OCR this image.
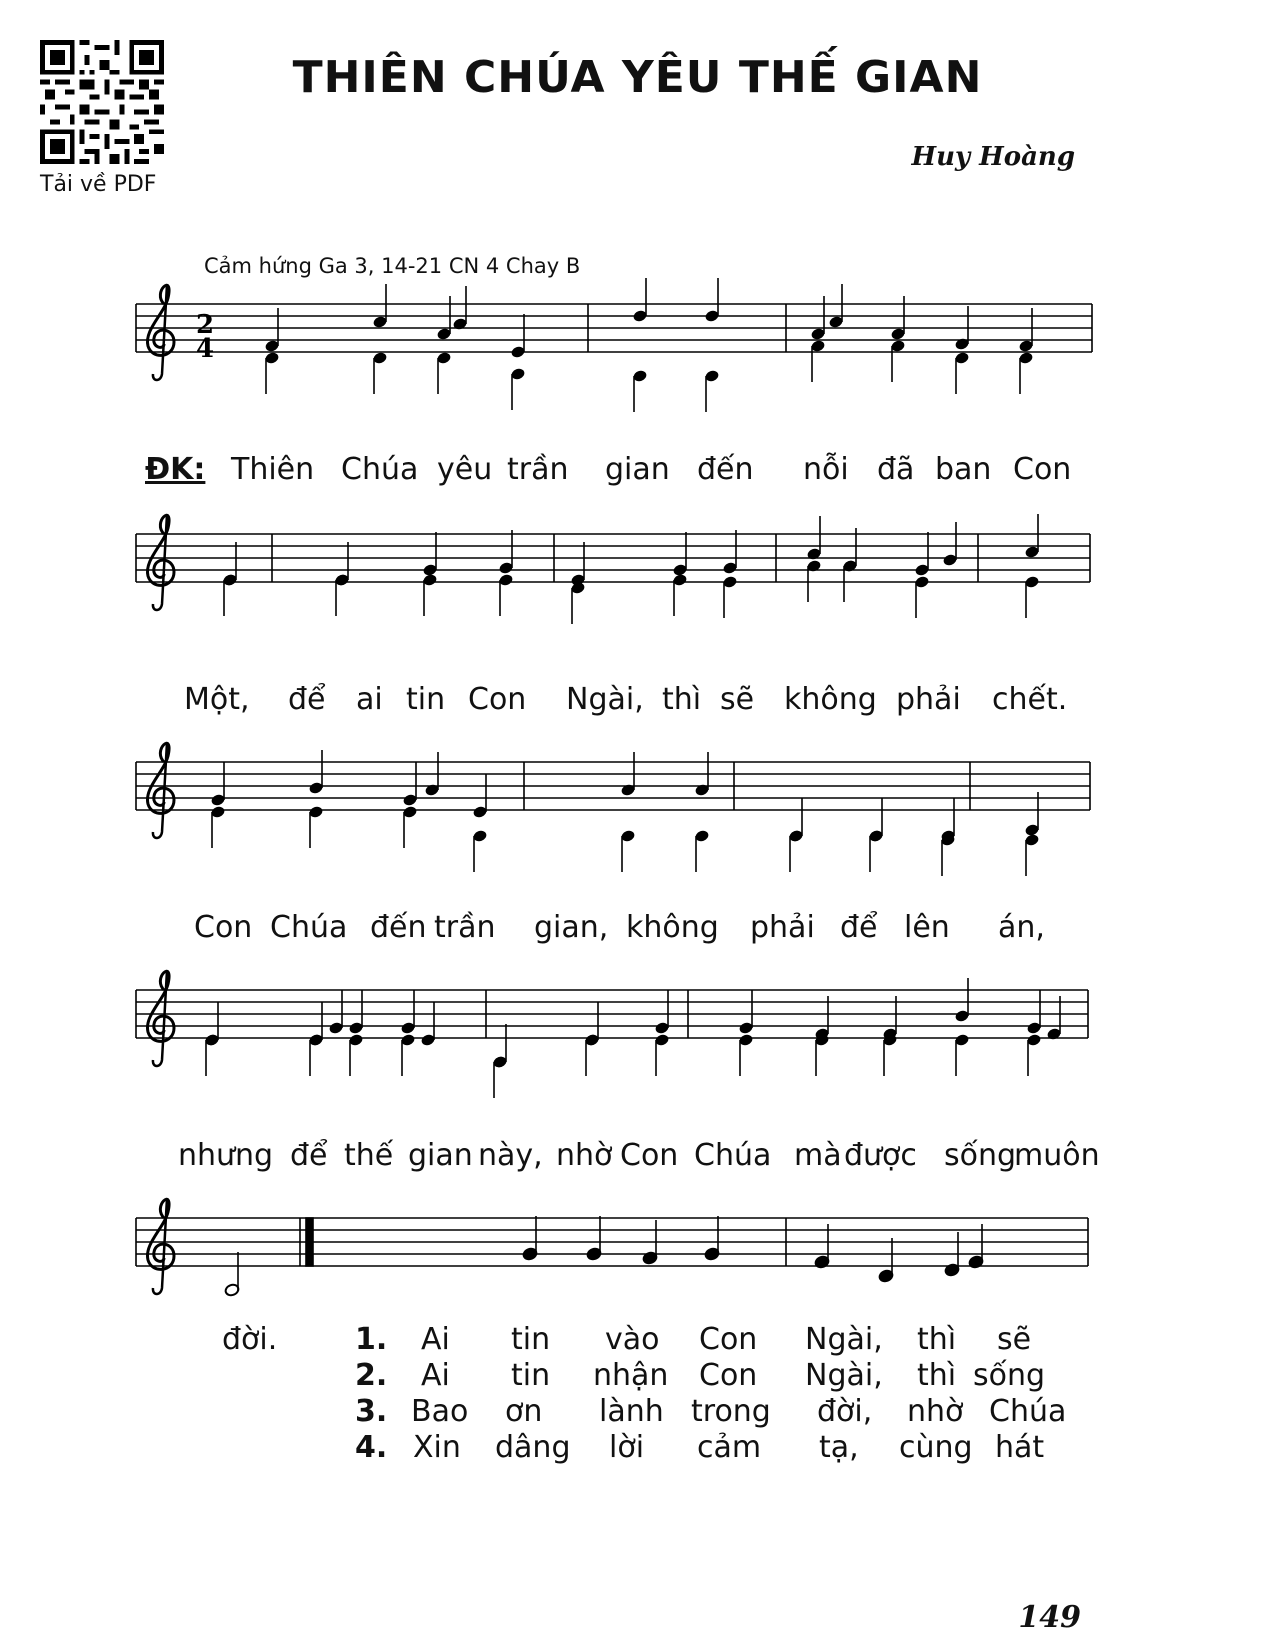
Tải về PDF
THIÊN CHÚA YÊU THẾ GIAN
Huy Hoàng
Cảm hứng Ga 3, 14-21 CN 4 Chay B
2
4
ĐK: Thiên Chúa yêu trần gian đến nỗi đã ban Con
Một, để ai tin Con Ngài, thì sẽ không phải chết.
Con Chúa đến trần gian, không phải để lên án,
nhưng để thế gian này, nhờ Con Chúa mà được sống
muôn
đời.	1. Ai tin vào Con Ngài, thì sẽ
2. Ai tin nhận Con Ngài, thì sống
3. Bao ơn lành trong đời, nhờ Chúa
4. Xin dâng lời cảm tạ, cùng hát
149
